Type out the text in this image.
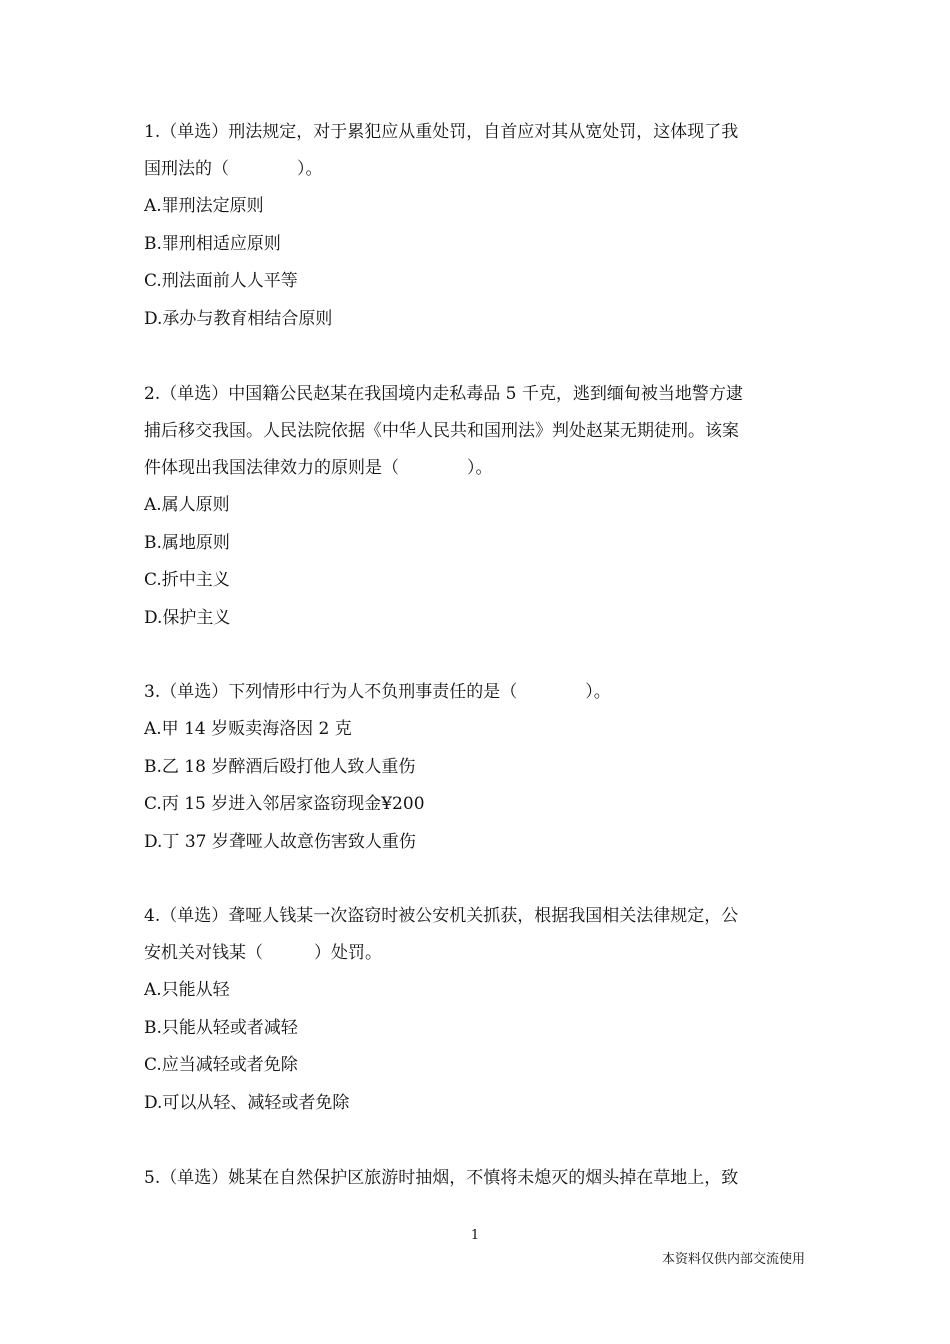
1.（单选）刑法规定，对于累犯应从重处罚，自首应对其从宽处罚，这体现了我
国刑法的（　　　　）。
A.罪刑法定原则
B.罪刑相适应原则
C.刑法面前人人平等
D.承办与教育相结合原则
2.（单选）中国籍公民赵某在我国境内走私毒品 5 千克，逃到缅甸被当地警方逮
捕后移交我国。人民法院依据《中华人民共和国刑法》判处赵某无期徒刑。该案
件体现出我国法律效力的原则是（　　　　）。
A.属人原则
B.属地原则
C.折中主义
D.保护主义
3.（单选）下列情形中行为人不负刑事责任的是（　　　　）。
A.甲 14 岁贩卖海洛因 2 克
B.乙 18 岁醉酒后殴打他人致人重伤
C.丙 15 岁进入邻居家盗窃现金¥200
D.丁 37 岁聋哑人故意伤害致人重伤
4.（单选）聋哑人钱某一次盗窃时被公安机关抓获，根据我国相关法律规定，公
安机关对钱某（　　　）处罚。
A.只能从轻
B.只能从轻或者减轻
C.应当减轻或者免除
D.可以从轻、减轻或者免除
5.（单选）姚某在自然保护区旅游时抽烟，不慎将未熄灭的烟头掉在草地上，致
1
本资料仅供内部交流使用
